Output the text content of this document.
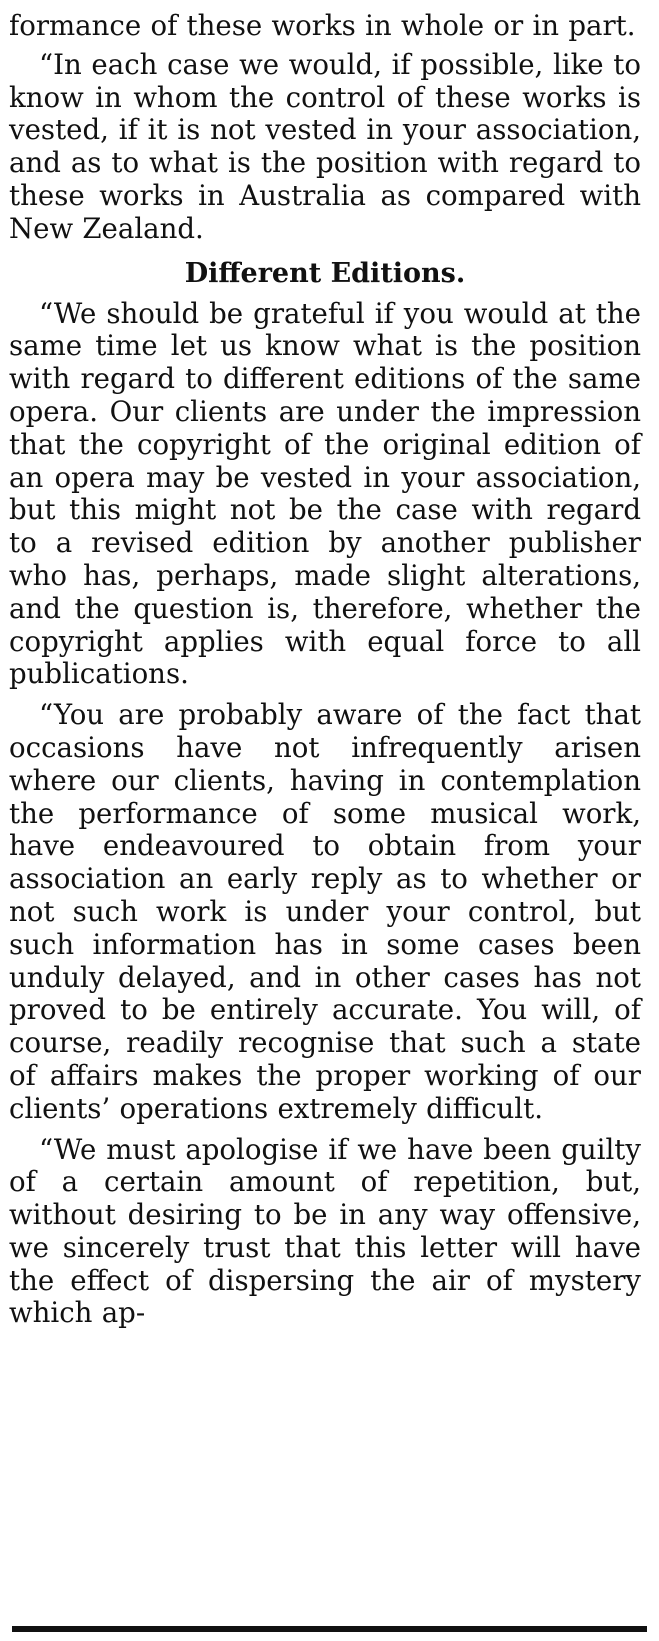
formance of these works in whole or in part.

“In each case we would, if possible, like to know in whom the control of these works is vested, if it is not vested in your association, and as to what is the position with regard to these works in Australia as compared with New Zealand.

Different Editions.

“We should be grateful if you would at the same time let us know what is the position with regard to different editions of the same opera. Our clients are under the impression that the copyright of the original edition of an opera may be vested in your association, but this might not be the case with regard to a revised edition by another publisher who has, perhaps, made slight alterations, and the question is, therefore, whether the copyright applies with equal force to all publications.

“You are probably aware of the fact that occasions have not infrequently arisen where our clients, having in contemplation the performance of some musical work, have endeavoured to obtain from your association an early reply as to whether or not such work is under your control, but such information has in some cases been unduly delayed, and in other cases has not proved to be entirely accurate. You will, of course, readily recognise that such a state of affairs makes the proper working of our clients’ operations extremely difficult.

“We must apologise if we have been guilty of a certain amount of repetition, but, without desiring to be in any way offensive, we sincerely trust that this letter will have the effect of dispersing the air of mystery which ap-
